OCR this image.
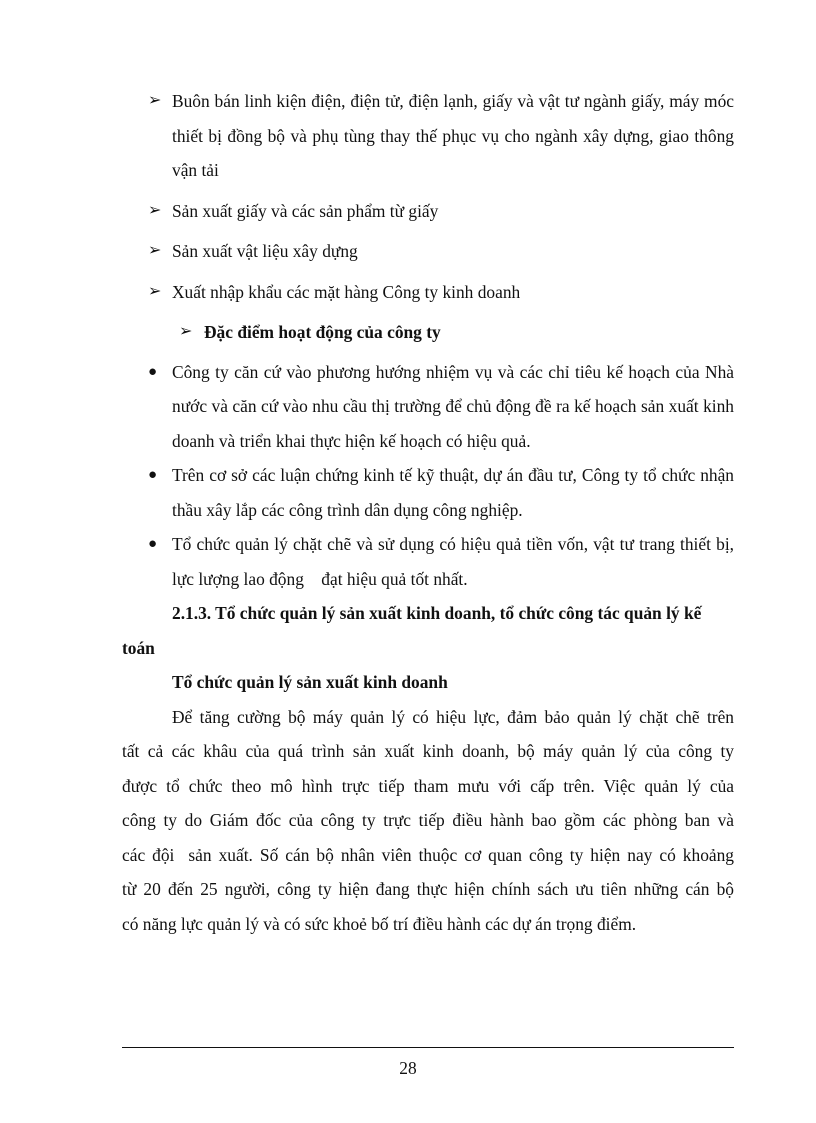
➢ Buôn bán linh kiện điện, điện tử, điện lạnh, giấy và vật tư ngành giấy, máy móc thiết bị đồng bộ và phụ tùng thay thế phục vụ cho ngành xây dựng, giao thông vận tải
➢ Sản xuất giấy và các sản phẩm từ giấy
➢ Sản xuất vật liệu xây dựng
➢ Xuất nhập khẩu các mặt hàng Công ty kinh doanh
➢ Đặc điểm hoạt động của công ty
● Công ty căn cứ vào phương hướng nhiệm vụ và các chỉ tiêu kế hoạch của Nhà nước và căn cứ vào nhu cầu thị trường để chủ động đề ra kế hoạch sản xuất kinh doanh và triển khai thực hiện kế hoạch có hiệu quả.
● Trên cơ sở các luận chứng kinh tế kỹ thuật, dự án đầu tư, Công ty tổ chức nhận thầu xây lắp các công trình dân dụng công nghiệp.
● Tổ chức quản lý chặt chẽ và sử dụng có hiệu quả tiền vốn, vật tư trang thiết bị, lực lượng lao động    đạt hiệu quả tốt nhất.
2.1.3. Tổ chức quản lý sản xuất kinh doanh, tổ chức công tác quản lý kế toán
Tổ chức quản lý sản xuất kinh doanh
Để tăng cường bộ máy quản lý có hiệu lực, đảm bảo quản lý chặt chẽ trên
tất cả các khâu của quá trình sản xuất kinh doanh, bộ máy quản lý của công ty
được tổ chức theo mô hình trực tiếp tham mưu với cấp trên. Việc quản lý của
công ty do Giám đốc của công ty trực tiếp điều hành bao gồm các phòng ban và
các đội  sản xuất. Số cán bộ nhân viên thuộc cơ quan công ty hiện nay có khoảng
từ 20 đến 25 người, công ty hiện đang thực hiện chính sách ưu tiên những cán bộ
có năng lực quản lý và có sức khoẻ bố trí điều hành các dự án trọng điểm.
28
